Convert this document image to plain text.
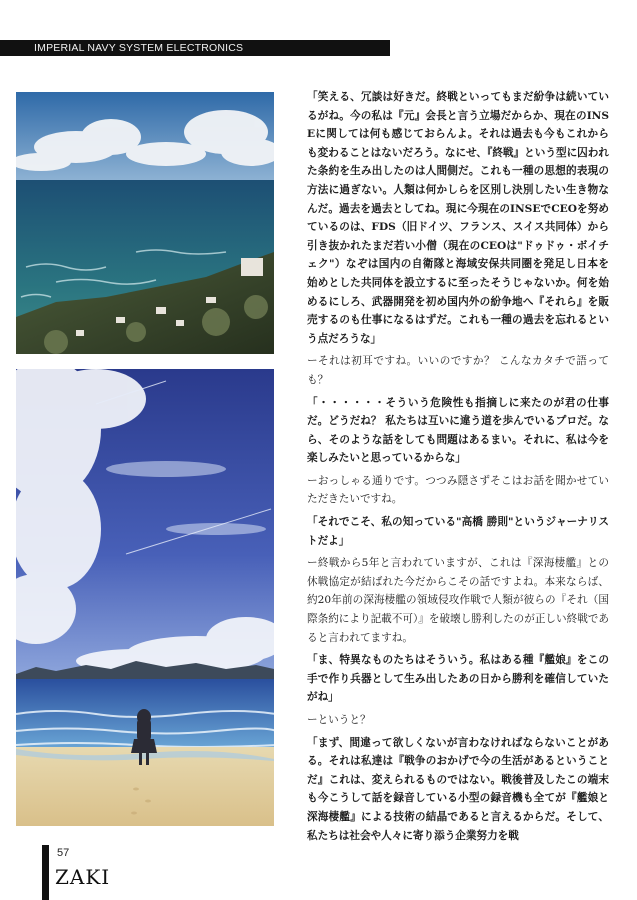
IMPERIAL NAVY SYSTEM ELECTRONICS

「笑える、冗談は好きだ。終戦といってもまだ紛争は続いているがね。今の私は『元』会長と言う立場だからか、現在のINSEに関しては何も感じておらんよ。それは過去も今もこれからも変わることはないだろう。なにせ、『終戦』という型に囚われた条約を生み出したのは人間側だ。これも一種の思想的表現の方法に過ぎない。人類は何かしらを区別し決別したい生き物なんだ。過去を過去としてね。現に今現在のINSEでCEOを努めているのは、FDS（旧ドイツ、フランス、スイス共同体）から引き抜かれたまだ若い小僧（現在のCEOは"ドゥドゥ・ボイチェク"）なぞは国内の自衛隊と海域安保共同圏を発足し日本を始めとした共同体を設立するに至ったそうじゃないか。何を始めるにしろ、武器開発を初め国内外の紛争地へ『それら』を販売するのも仕事になるはずだ。これも一種の過去を忘れるという点だろうな」

ーそれは初耳ですね。いいのですか？ こんなカタチで語っても？

「・・・・・・そういう危険性も指摘しに来たのが君の仕事だ。どうだね？ 私たちは互いに違う道を歩んでいるプロだ。なら、そのような話をしても問題はあるまい。それに、私は今を楽しみたいと思っているからな」

ーおっしゃる通りです。つつみ隠さずそこはお話を聞かせていただきたいですね。

「それでこそ、私の知っている"高橋 勝則"というジャーナリストだよ」

ー終戦から5年と言われていますが、これは『深海棲艦』との休戦協定が結ばれた今だからこその話ですよね。本来ならば、約20年前の深海棲艦の領域侵攻作戦で人類が彼らの『それ（国際条約により記載不可）』を破壊し勝利したのが正しい終戦であると言われてますね。

「ま、特異なものたちはそういう。私はある種『艦娘』をこの手で作り兵器として生み出したあの日から勝利を確信していたがね」

ーというと？

「まず、間違って欲しくないが言わなければならないことがある。それは私達は『戦争のおかげで今の生活があるということだ』これは、変えられるものではない。戦後普及したこの端末も今こうして話を録音している小型の録音機も全てが『艦娘と深海棲艦』による技術の結晶であると言えるからだ。そして、私たちは社会や人々に寄り添う企業努力を戦

57
ZAKI
